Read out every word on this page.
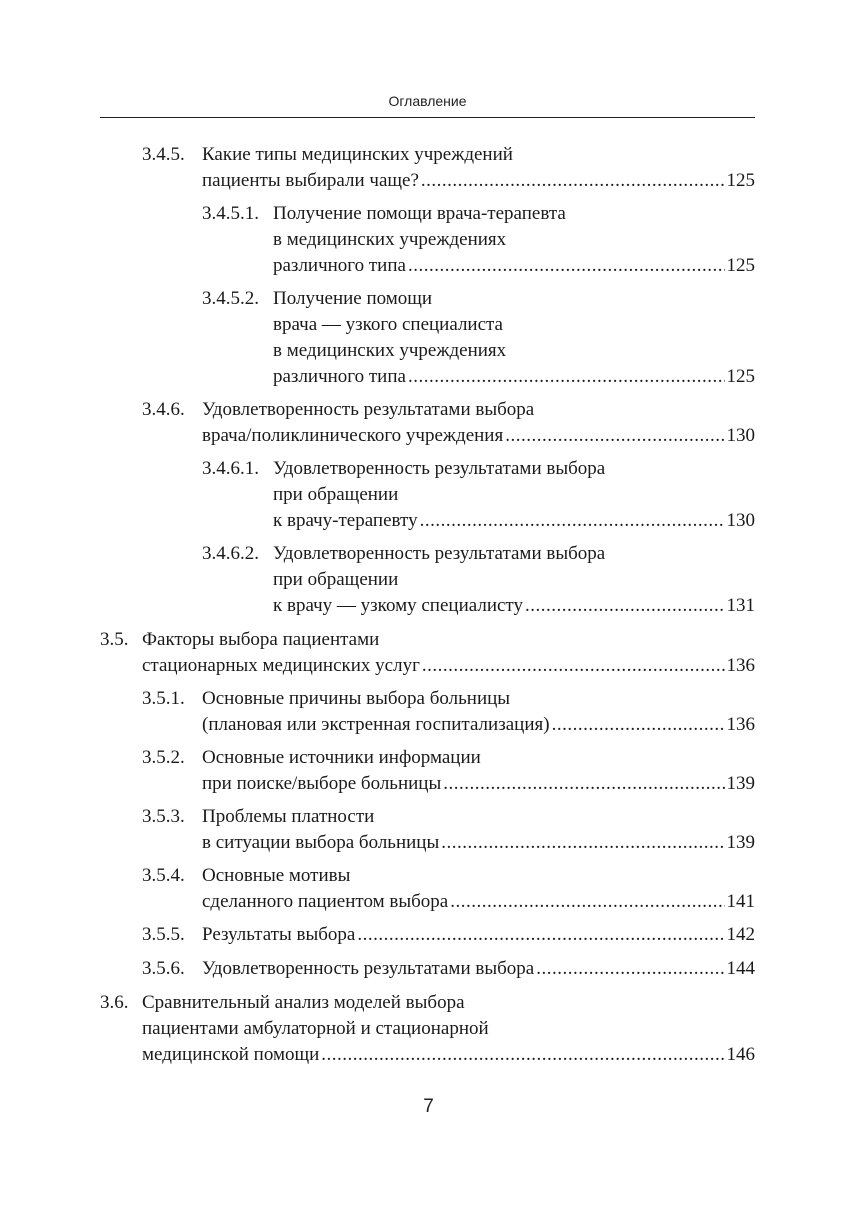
Оглавление
3.4.5. Какие типы медицинских учреждений
пациенты выбирали чаще? .....	125
3.4.5.1. Получение помощи врача-терапевта
в медицинских учреждениях
различного типа .....	125
3.4.5.2. Получение помощи
врача — узкого специалиста
в медицинских учреждениях
различного типа .....	125
3.4.6. Удовлетворенность результатами выбора
врача/поликлинического учреждения .....	130
3.4.6.1. Удовлетворенность результатами выбора
при обращении
к врачу-терапевту .....	130
3.4.6.2. Удовлетворенность результатами выбора
при обращении
к врачу — узкому специалисту .....	131
3.5. Факторы выбора пациентами
стационарных медицинских услуг .....	136
3.5.1. Основные причины выбора больницы
(плановая или экстренная госпитализация) .....	136
3.5.2. Основные источники информации
при поиске/выборе больницы .....	139
3.5.3. Проблемы платности
в ситуации выбора больницы .....	139
3.5.4. Основные мотивы
сделанного пациентом выбора .....	141
3.5.5. Результаты выбора .....	142
3.5.6. Удовлетворенность результатами выбора .....	144
3.6. Сравнительный анализ моделей выбора
пациентами амбулаторной и стационарной
медицинской помощи .....	146
7
